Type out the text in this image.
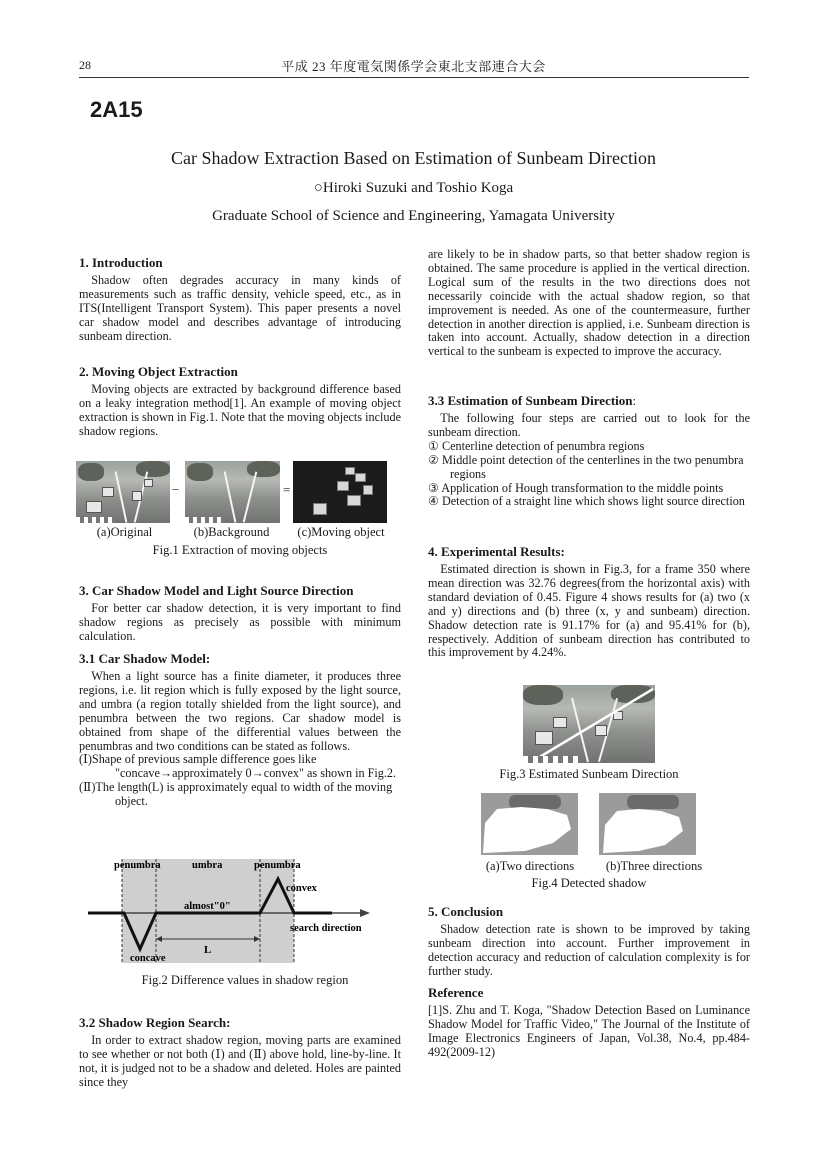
28	平成 23 年度電気関係学会東北支部連合大会
2A15
Car Shadow Extraction Based on Estimation of Sunbeam Direction
○Hiroki Suzuki and Toshio Koga
Graduate School of Science and Engineering, Yamagata University

1. Introduction

Shadow often degrades accuracy in many kinds of measurements such as traffic density, vehicle speed, etc., as in ITS(Intelligent Transport System). This paper presents a novel car shadow model and describes advantage of introducing sunbeam direction.

2. Moving Object Extraction

Moving objects are extracted by background difference based on a leaky integration method[1]. An example of moving object extraction is shown in Fig.1. Note that the moving objects include shadow regions.

−	=
(a)Original	(b)Background	(c)Moving object
Fig.1 Extraction of moving objects

3. Car Shadow Model and Light Source Direction

For better car shadow detection, it is very important to find shadow regions as precisely as possible with minimum calculation.

3.1 Car Shadow Model:

When a light source has a finite diameter, it produces three regions, i.e. lit region which is fully exposed by the light source, and umbra (a region totally shielded from the light source), and penumbra between the two regions. Car shadow model is obtained from shape of the differential values between the penumbras and two conditions can be stated as follows.

(Ⅰ)Shape of previous sample difference goes like "concave→approximately 0→convex" as shown in Fig.2.

(Ⅱ)The length(L) is approximately equal to width of the moving object.

penumbra	umbra	penumbra
convex
almost"0"
search direction
L
concave
Fig.2 Difference values in shadow region

3.2 Shadow Region Search:

In order to extract shadow region, moving parts are examined to see whether or not both (Ⅰ) and (Ⅱ) above hold, line-by-line. It not, it is judged not to be a shadow and deleted. Holes are painted since they

are likely to be in shadow parts, so that better shadow region is obtained. The same procedure is applied in the vertical direction. Logical sum of the results in the two directions does not necessarily coincide with the actual shadow region, so that improvement is needed. As one of the countermeasure, further detection in another direction is applied, i.e. Sunbeam direction is taken into account. Actually, shadow detection in a direction vertical to the sunbeam is expected to improve the accuracy.

3.3 Estimation of Sunbeam Direction:

The following four steps are carried out to look for the sunbeam direction.

① Centerline detection of penumbra regions

② Middle point detection of the centerlines in the two penumbra regions

③ Application of Hough transformation to the middle points

④ Detection of a straight line which shows light source direction

4. Experimental Results:

Estimated direction is shown in Fig.3, for a frame 350 where mean direction was 32.76 degrees(from the horizontal axis) with standard deviation of 0.45. Figure 4 shows results for (a) two (x and y) directions and (b) three (x, y and sunbeam) direction. Shadow detection rate is 91.17% for (a) and 95.41% for (b), respectively. Addition of sunbeam direction has contributed to this improvement by 4.24%.

Fig.3 Estimated Sunbeam Direction
(a)Two directions	(b)Three directions
Fig.4 Detected shadow

5. Conclusion

Shadow detection rate is shown to be improved by taking sunbeam direction into account. Further improvement in detection accuracy and reduction of calculation complexity is for further study.

Reference

[1]S. Zhu and T. Koga, "Shadow Detection Based on Luminance Shadow Model for Traffic Video," The Journal of the Institute of Image Electronics Engineers of Japan, Vol.38, No.4, pp.484-492(2009-12)
